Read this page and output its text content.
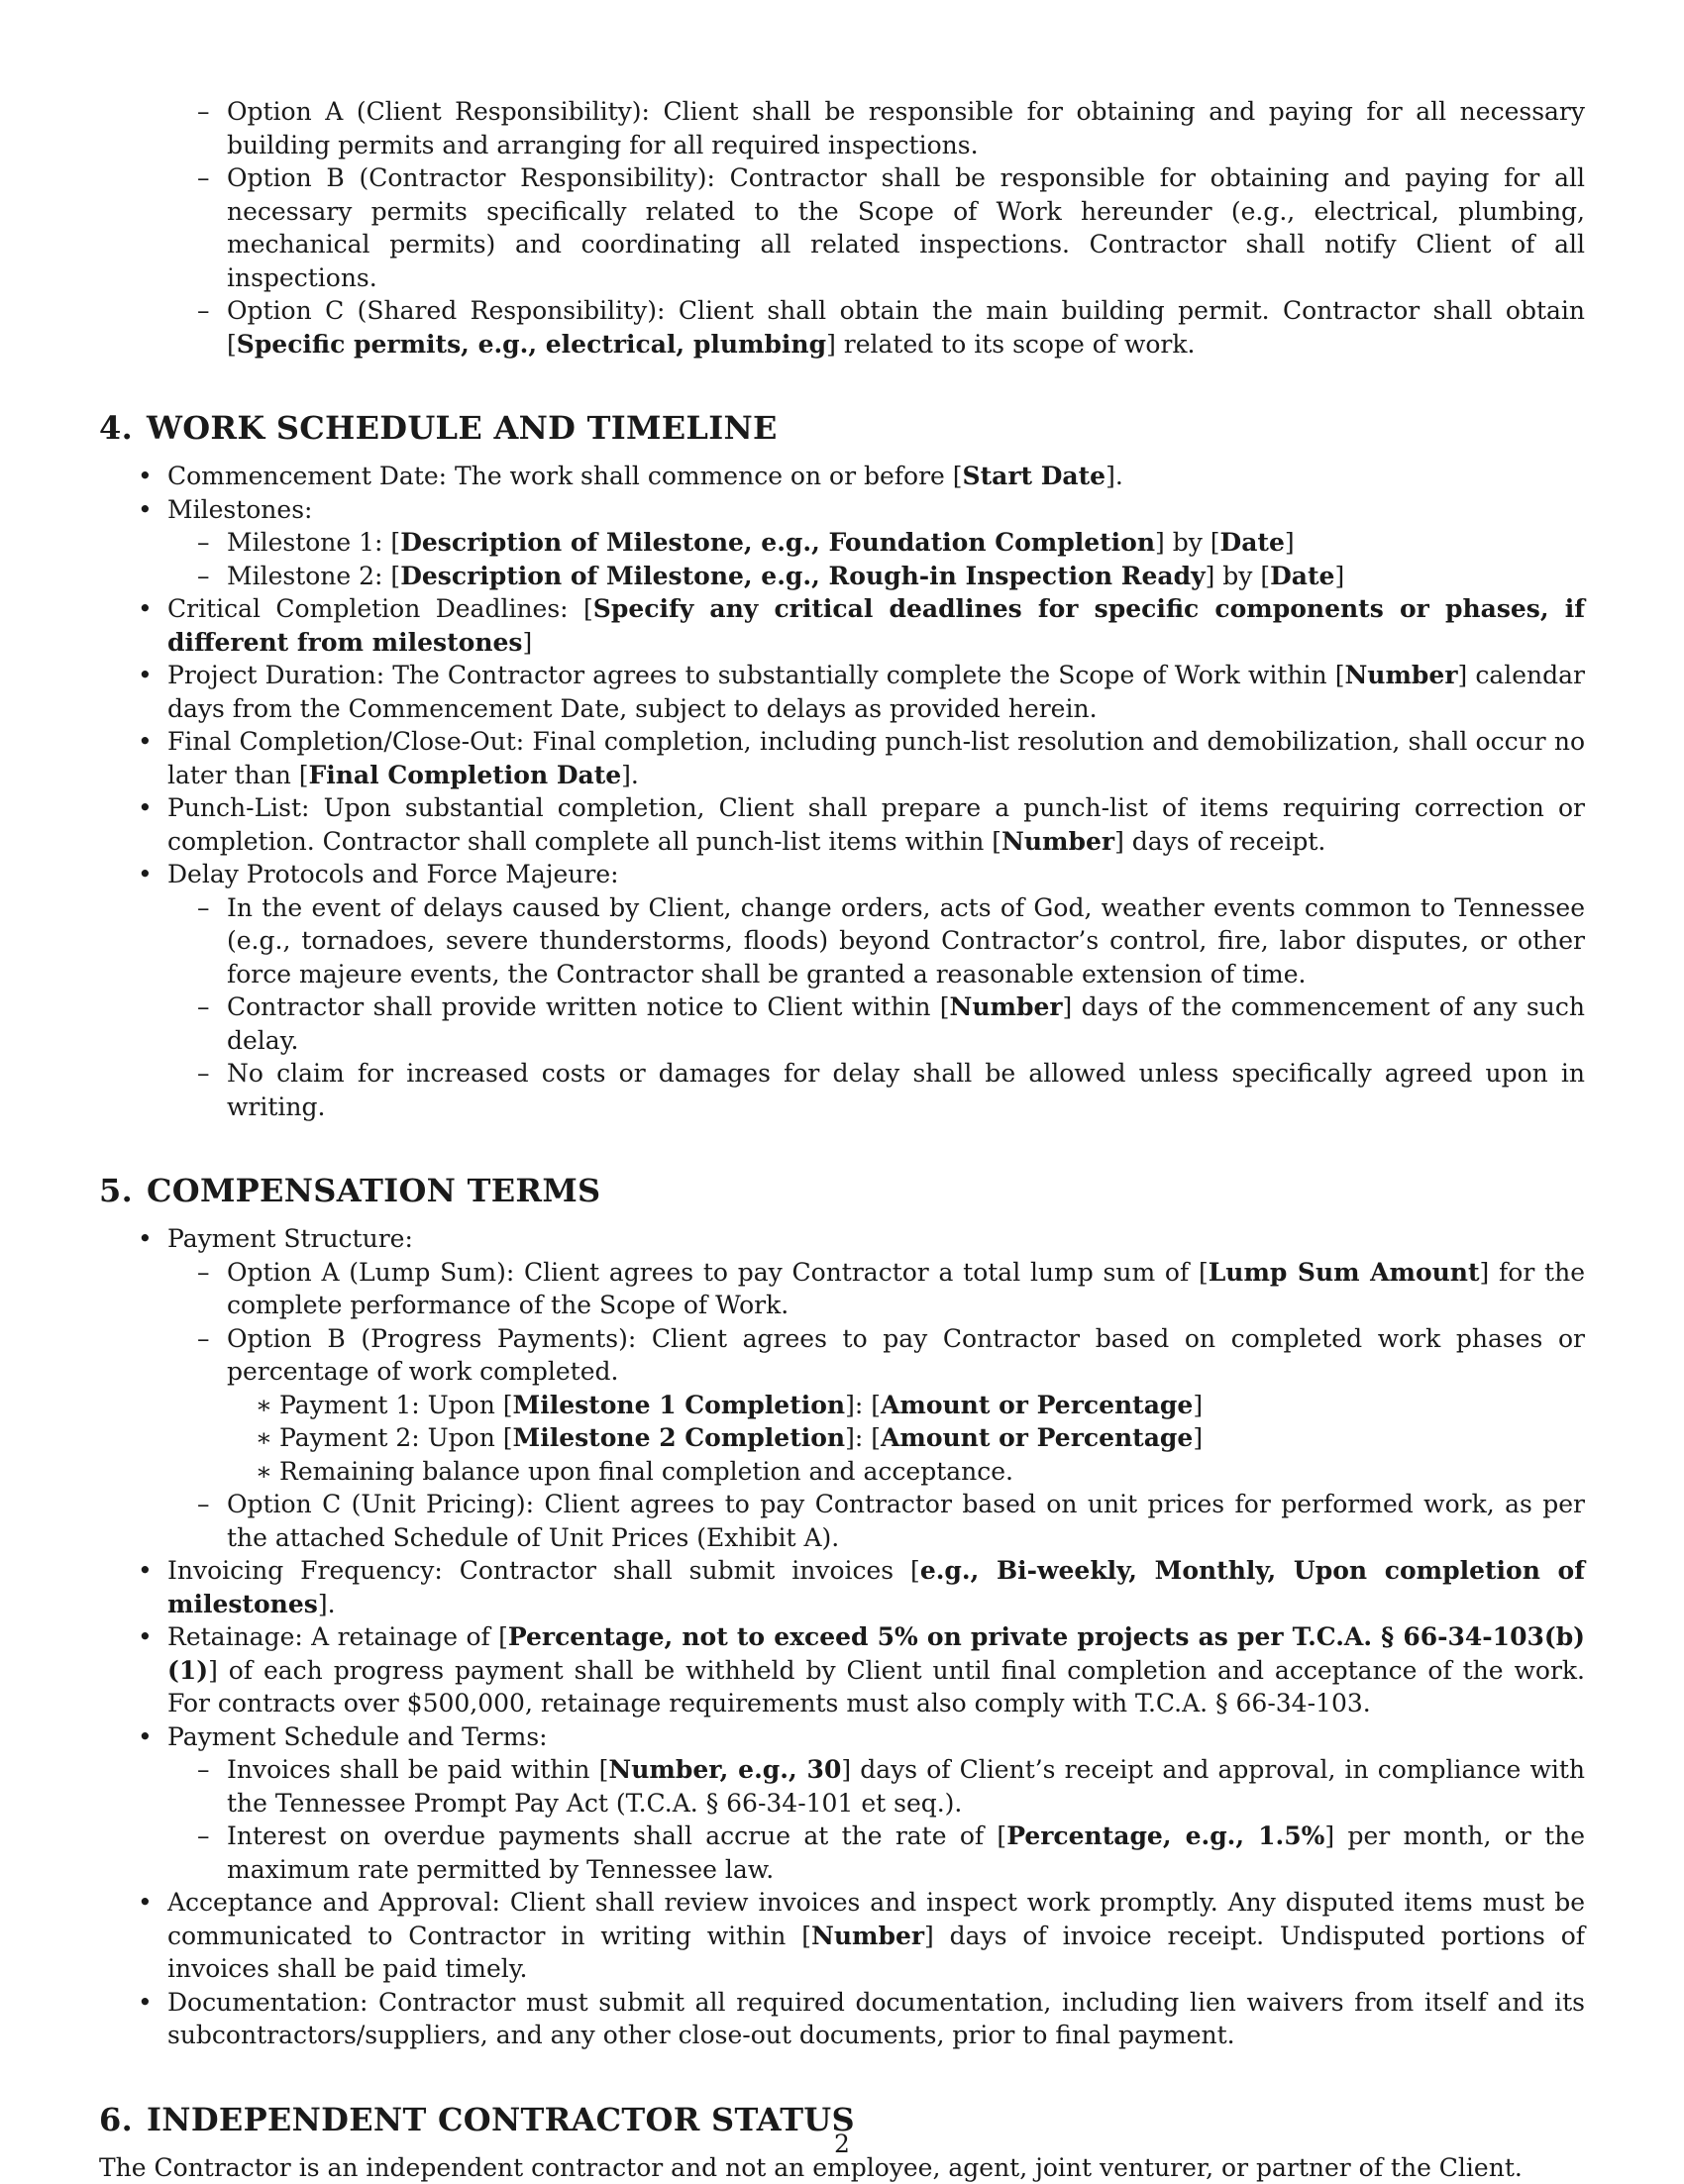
– Option A (Client Responsibility): Client shall be responsible for obtaining and paying for all necessary building permits and arranging for all required inspections.
– Option B (Contractor Responsibility): Contractor shall be responsible for obtaining and paying for all necessary permits specifically related to the Scope of Work hereunder (e.g., electrical, plumbing, mechanical permits) and coordinating all related inspections. Contractor shall notify Client of all inspections.
– Option C (Shared Responsibility): Client shall obtain the main building permit. Contractor shall obtain [Specific permits, e.g., electrical, plumbing] related to its scope of work.
4. WORK SCHEDULE AND TIMELINE
• Commencement Date: The work shall commence on or before [Start Date].
• Milestones:
– Milestone 1: [Description of Milestone, e.g., Foundation Completion] by [Date]
– Milestone 2: [Description of Milestone, e.g., Rough-in Inspection Ready] by [Date]
• Critical Completion Deadlines: [Specify any critical deadlines for specific components or phases, if different from milestones]
• Project Duration: The Contractor agrees to substantially complete the Scope of Work within [Number] calendar days from the Commencement Date, subject to delays as provided herein.
• Final Completion/Close-Out: Final completion, including punch-list resolution and demobilization, shall occur no later than [Final Completion Date].
• Punch-List: Upon substantial completion, Client shall prepare a punch-list of items requiring correction or completion. Contractor shall complete all punch-list items within [Number] days of receipt.
• Delay Protocols and Force Majeure:
– In the event of delays caused by Client, change orders, acts of God, weather events common to Tennessee (e.g., tornadoes, severe thunderstorms, floods) beyond Contractor’s control, fire, labor disputes, or other force majeure events, the Contractor shall be granted a reasonable extension of time.
– Contractor shall provide written notice to Client within [Number] days of the commencement of any such delay.
– No claim for increased costs or damages for delay shall be allowed unless specifically agreed upon in writing.
5. COMPENSATION TERMS
• Payment Structure:
– Option A (Lump Sum): Client agrees to pay Contractor a total lump sum of [Lump Sum Amount] for the complete performance of the Scope of Work.
– Option B (Progress Payments): Client agrees to pay Contractor based on completed work phases or percentage of work completed.
∗ Payment 1: Upon [Milestone 1 Completion]: [Amount or Percentage]
∗ Payment 2: Upon [Milestone 2 Completion]: [Amount or Percentage]
∗ Remaining balance upon final completion and acceptance.
– Option C (Unit Pricing): Client agrees to pay Contractor based on unit prices for performed work, as per the attached Schedule of Unit Prices (Exhibit A).
• Invoicing Frequency: Contractor shall submit invoices [e.g., Bi-weekly, Monthly, Upon completion of milestones].
• Retainage: A retainage of [Percentage, not to exceed 5% on private projects as per T.C.A. § 66-34-103(b)(1)] of each progress payment shall be withheld by Client until final completion and acceptance of the work. For contracts over $500,000, retainage requirements must also comply with T.C.A. § 66-34-103.
• Payment Schedule and Terms:
– Invoices shall be paid within [Number, e.g., 30] days of Client’s receipt and approval, in compliance with the Tennessee Prompt Pay Act (T.C.A. § 66-34-101 et seq.).
– Interest on overdue payments shall accrue at the rate of [Percentage, e.g., 1.5%] per month, or the maximum rate permitted by Tennessee law.
• Acceptance and Approval: Client shall review invoices and inspect work promptly. Any disputed items must be communicated to Contractor in writing within [Number] days of invoice receipt. Undisputed portions of invoices shall be paid timely.
• Documentation: Contractor must submit all required documentation, including lien waivers from itself and its subcontractors/suppliers, and any other close-out documents, prior to final payment.
6. INDEPENDENT CONTRACTOR STATUS

The Contractor is an independent contractor and not an employee, agent, joint venturer, or partner of the Client.

2
